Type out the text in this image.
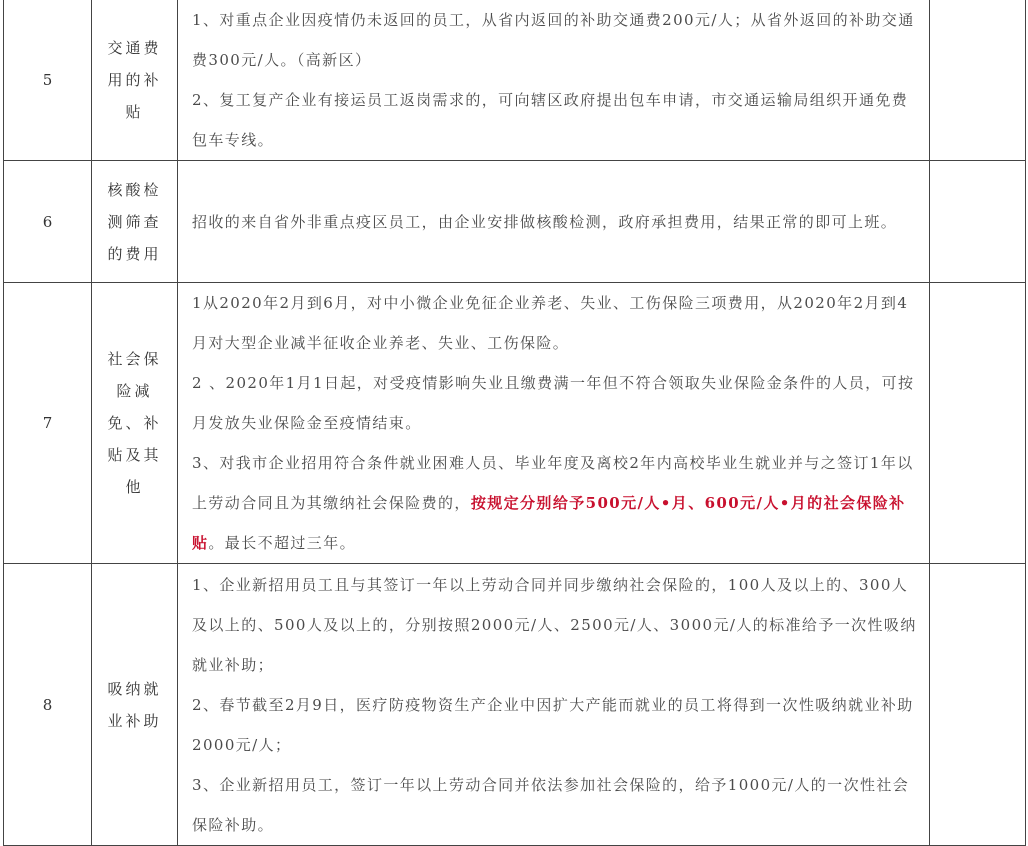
5	交通费用的补贴	1、对重点企业因疫情仍未返回的员工，从省内返回的补助交通费200元/人；从省外返回的补助交通费300元/人。（高新区）

2、复工复产企业有接运员工返岗需求的，可向辖区政府提出包车申请，市交通运输局组织开通免费包车专线。	

6	核酸检测筛查的费用	招收的来自省外非重点疫区员工，由企业安排做核酸检测，政府承担费用，结果正常的即可上班。	

7	社会保险减免、补贴及其他	1从2020年2月到6月，对中小微企业免征企业养老、失业、工伤保险三项费用，从2020年2月到4月对大型企业减半征收企业养老、失业、工伤保险。

2 、2020年1月1日起，对受疫情影响失业且缴费满一年但不符合领取失业保险金条件的人员，可按月发放失业保险金至疫情结束。

3、对我市企业招用符合条件就业困难人员、毕业年度及离校2年内高校毕业生就业并与之签订1年以上劳动合同且为其缴纳社会保险费的，按规定分别给予500元/人•月、600元/人•月的社会保险补贴。最长不超过三年。	

8	吸纳就业补助	1、企业新招用员工且与其签订一年以上劳动合同并同步缴纳社会保险的，100人及以上的、300人及以上的、500人及以上的，分别按照2000元/人、2500元/人、3000元/人的标准给予一次性吸纳就业补助；

2、春节截至2月9日，医疗防疫物资生产企业中因扩大产能而就业的员工将得到一次性吸纳就业补助2000元/人；

3、企业新招用员工，签订一年以上劳动合同并依法参加社会保险的，给予1000元/人的一次性社会保险补助。	
